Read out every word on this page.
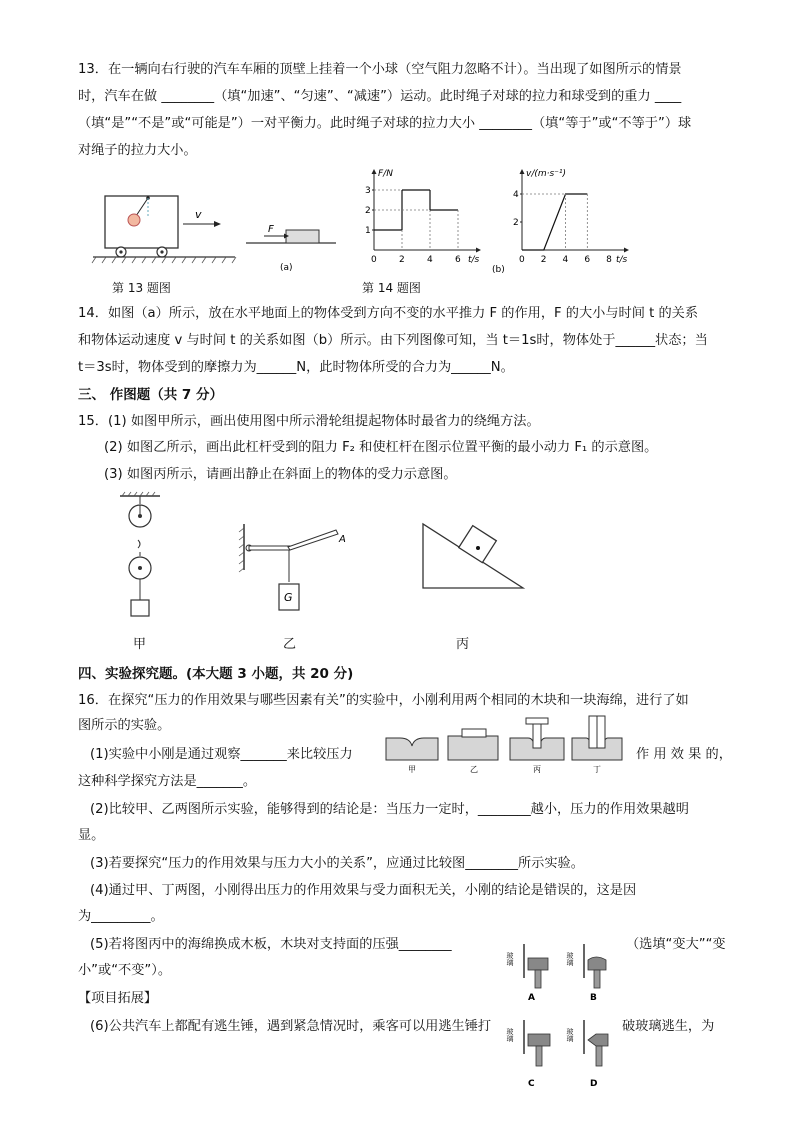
13．在一辆向右行驶的汽车车厢的顶壁上挂着一个小球（空气阻力忽略不计）。当出现了如图所示的情景
时，汽车在做 ________（填“加速”、“匀速”、“减速”）运动。此时绳子对球的拉力和球受到的重力 ____
（填“是”“不是”或“可能是”）一对平衡力。此时绳子对球的拉力大小 ________（填“等于”或“不等于”）球
对绳子的拉力大小。
v
第 13 题图
F
(a)
F/N
t/s
0 2 4 6
1
2
3
(b)
v/(m·s⁻¹)
t/s
0 2 4 6 8
2
4
第 14 题图
14．如图（a）所示，放在水平地面上的物体受到方向不变的水平推力 F 的作用，F 的大小与时间 t 的关系
和物体运动速度 v 与时间 t 的关系如图（b）所示。由下列图像可知，当 t＝1s时，物体处于______状态；当
t＝3s时，物体受到的摩擦力为______N，此时物体所受的合力为______N。
三、 作图题（共 7 分）
15．(1) 如图甲所示，画出使用图中所示滑轮组提起物体时最省力的绕绳方法。
(2) 如图乙所示，画出此杠杆受到的阻力 F₂ 和使杠杆在图示位置平衡的最小动力 F₁ 的示意图。
(3) 如图丙所示，请画出静止在斜面上的物体的受力示意图。
甲
A
G
乙	丙
四、实验探究题。(本大题 3 小题，共 20 分)
16．在探究“压力的作用效果与哪些因素有关”的实验中，小刚利用两个相同的木块和一块海绵，进行了如
图所示的实验。
(1)实验中小刚是通过观察_______来比较压力	作 用 效 果 的，
这种科学探究方法是_______。
(2)比较甲、乙两图所示实验，能够得到的结论是：当压力一定时，________越小，压力的作用效果越明
显。
(3)若要探究“压力的作用效果与压力大小的关系”，应通过比较图________所示实验。
(4)通过甲、丁两图，小刚得出压力的作用效果与受力面积无关，小刚的结论是错误的，这是因
为_________。
(5)若将图丙中的海绵换成木板，木块对支持面的压强________	（选填“变大”“变
小”或“不变”）。
【项目拓展】
(6)公共汽车上都配有逃生锤，遇到紧急情况时，乘客可以用逃生锤打	破玻璃逃生，为
甲	乙	丙	丁
玻璃
A
玻璃
B
玻璃
C
玻璃
D
